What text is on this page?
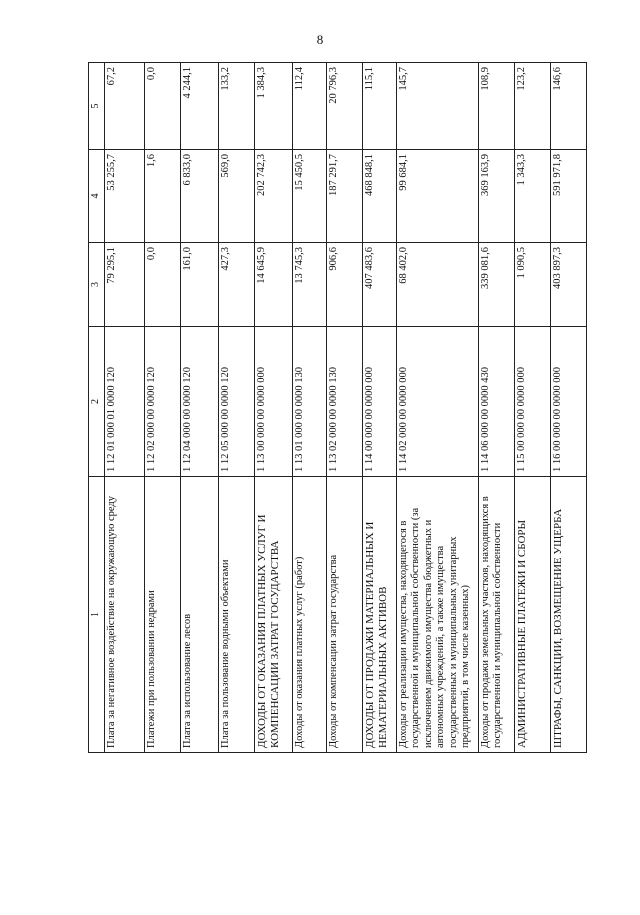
8
1	2	3	4	5
Плата за негативное воздействие на окружающую среду	1 12 01 000 01 0000 120	79 295,1	53 255,7	67,2
Платежи при пользовании недрами	1 12 02 000 00 0000 120	0,0	1,6	0,0
Плата за использование лесов	1 12 04 000 00 0000 120	161,0	6 833,0	4 244,1
Плата за пользование водными объектами	1 12 05 000 00 0000 120	427,3	569,0	133,2
ДОХОДЫ ОТ ОКАЗАНИЯ ПЛАТНЫХ УСЛУГ И КОМПЕНСАЦИИ ЗАТРАТ ГОСУДАРСТВА	1 13 00 000 00 0000 000	14 645,9	202 742,3	1 384,3
Доходы от оказания платных услуг (работ)	1 13 01 000 00 0000 130	13 745,3	15 450,5	112,4
Доходы от компенсации затрат государства	1 13 02 000 00 0000 130	906,6	187 291,7	20 796,3
ДОХОДЫ ОТ ПРОДАЖИ МАТЕРИАЛЬНЫХ И НЕМАТЕРИАЛЬНЫХ АКТИВОВ	1 14 00 000 00 0000 000	407 483,6	468 848,1	115,1
Доходы от реализации имущества, находящегося в государственной и муниципальной собственности (за исключением движимого имущества бюджетных и автономных учреждений, а также имущества государственных и муниципальных унитарных предприятий, в том числе казенных)	1 14 02 000 00 0000 000	68 402,0	99 684,1	145,7
Доходы от продажи земельных участков, находящихся в государственной и муниципальной собственности	1 14 06 000 00 0000 430	339 081,6	369 163,9	108,9
АДМИНИСТРАТИВНЫЕ ПЛАТЕЖИ И СБОРЫ	1 15 00 000 00 0000 000	1 090,5	1 343,3	123,2
ШТРАФЫ, САНКЦИИ, ВОЗМЕЩЕНИЕ УЩЕРБА	1 16 00 000 00 0000 000	403 897,3	591 971,8	146,6
